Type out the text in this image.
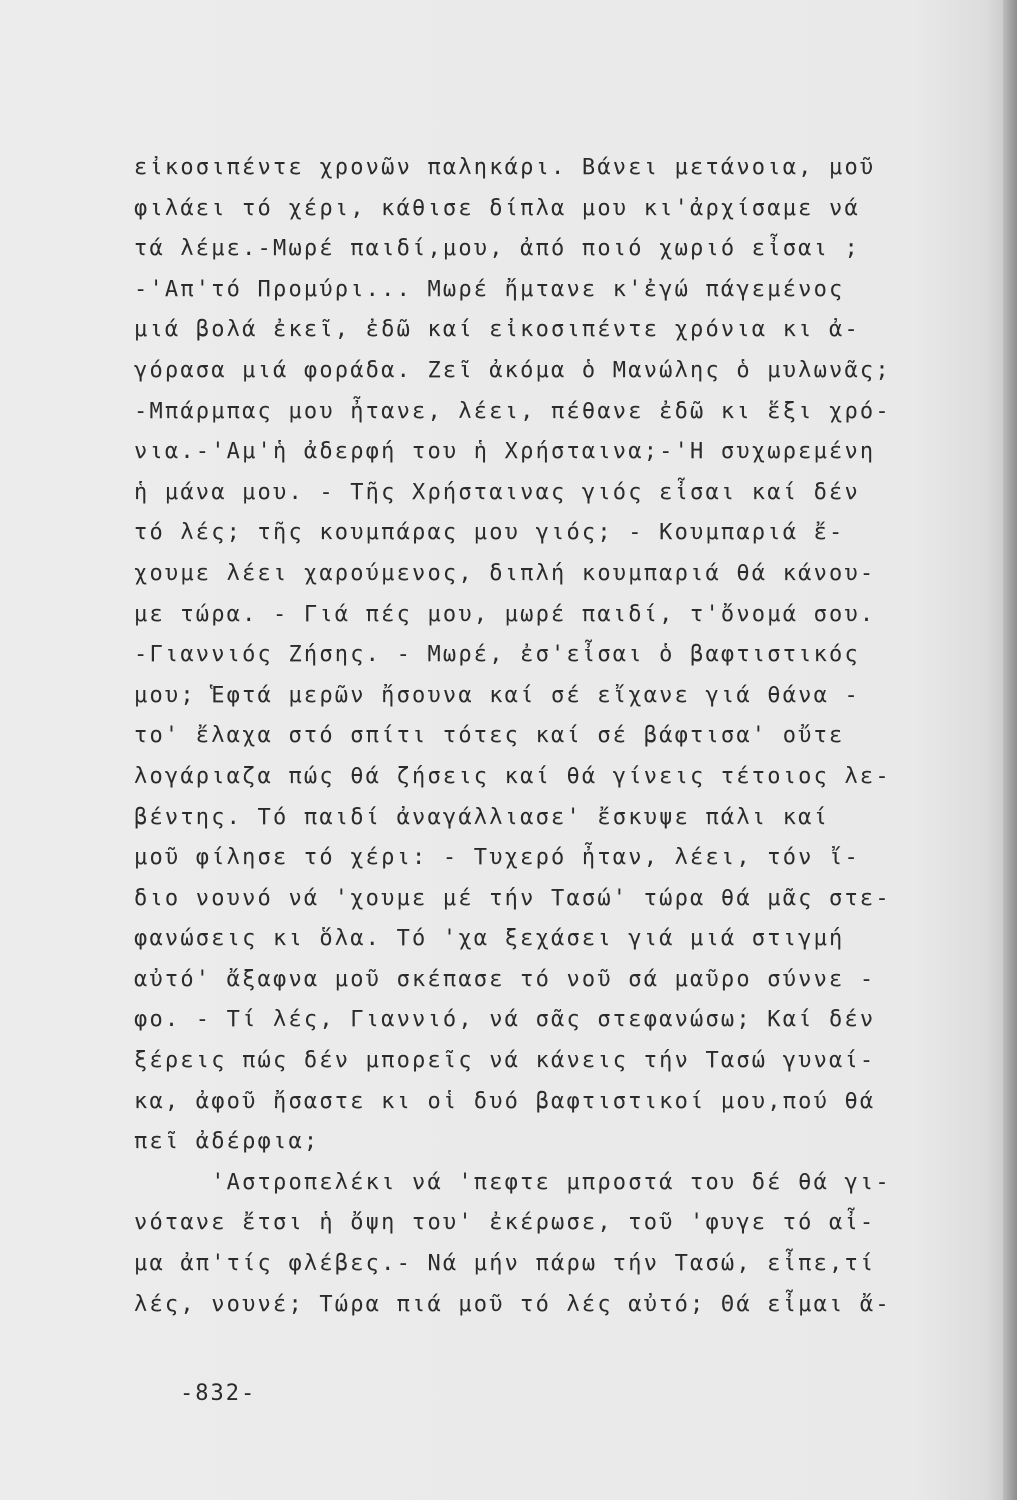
εἰκοσιπέντε χρονῶν παληκάρι. Βάνει μετάνοια, μοῦ
φιλάει τό χέρι, κάθισε δίπλα μου κι'ἀρχίσαμε νά
τά λέμε.-Μωρέ παιδί,μου, ἀπό ποιό χωριό εἶσαι ;
-'Απ'τό Προμύρι... Μωρέ ἤμτανε κ'ἐγώ πάγεμένος
μιά βολά ἐκεῖ, ἐδῶ καί εἰκοσιπέντε χρόνια κι ἀ-
γόρασα μιά φοράδα. Ζεῖ ἀκόμα ὁ Μανώλης ὁ μυλωνᾶς;
-Μπάρμπας μου ἦτανε, λέει, πέθανε ἐδῶ κι ἕξι χρό-
νια.-'Αμ'ἡ ἀδερφή του ἡ Χρήσταινα;-'Η συχωρεμένη
ἡ μάνα μου. - Τῆς Χρήσταινας γιός εἶσαι καί δέν
τό λές; τῆς κουμπάρας μου γιός; - Κουμπαριά ἔ-
χουμε λέει χαρούμενος, διπλή κουμπαριά θά κάνου-
με τώρα. - Γιά πές μου, μωρέ παιδί, τ'ὄνομά σου.
-Γιαννιός Ζήσης. - Μωρέ, ἐσ'εἶσαι ὁ βαφτιστικός
μου; Ἑφτά μερῶν ἤσουνα καί σέ εἴχανε γιά θάνα -
το' ἔλαχα στό σπίτι τότες καί σέ βάφτισα' οὔτε
λογάριαζα πώς θά ζήσεις καί θά γίνεις τέτοιος λε-
βέντης. Τό παιδί ἀναγάλλιασε' ἔσκυψε πάλι καί
μοῦ φίλησε τό χέρι: - Τυχερό ἦταν, λέει, τόν ἴ-
διο νουνό νά 'χουμε μέ τήν Τασώ' τώρα θά μᾶς στε-
φανώσεις κι ὅλα. Τό 'χα ξεχάσει γιά μιά στιγμή
αὐτό' ἄξαφνα μοῦ σκέπασε τό νοῦ σά μαῦρο σύννε -
φο. - Τί λές, Γιαννιό, νά σᾶς στεφανώσω; Καί δέν
ξέρεις πώς δέν μπορεῖς νά κάνεις τήν Τασώ γυναί-
κα, ἀφοῦ ἤσαστε κι οἱ δυό βαφτιστικοί μου,πού θά
πεῖ ἀδέρφια;
'Αστροπελέκι νά 'πεφτε μπροστά του δέ θά γι-
νότανε ἔτσι ἡ ὄψη του' ἐκέρωσε, τοῦ 'φυγε τό αἶ-
μα ἀπ'τίς φλέβες.- Νά μήν πάρω τήν Τασώ, εἶπε,τί
λές, νουνέ; Τώρα πιά μοῦ τό λές αὐτό; Θά εἶμαι ἄ-
-832-
